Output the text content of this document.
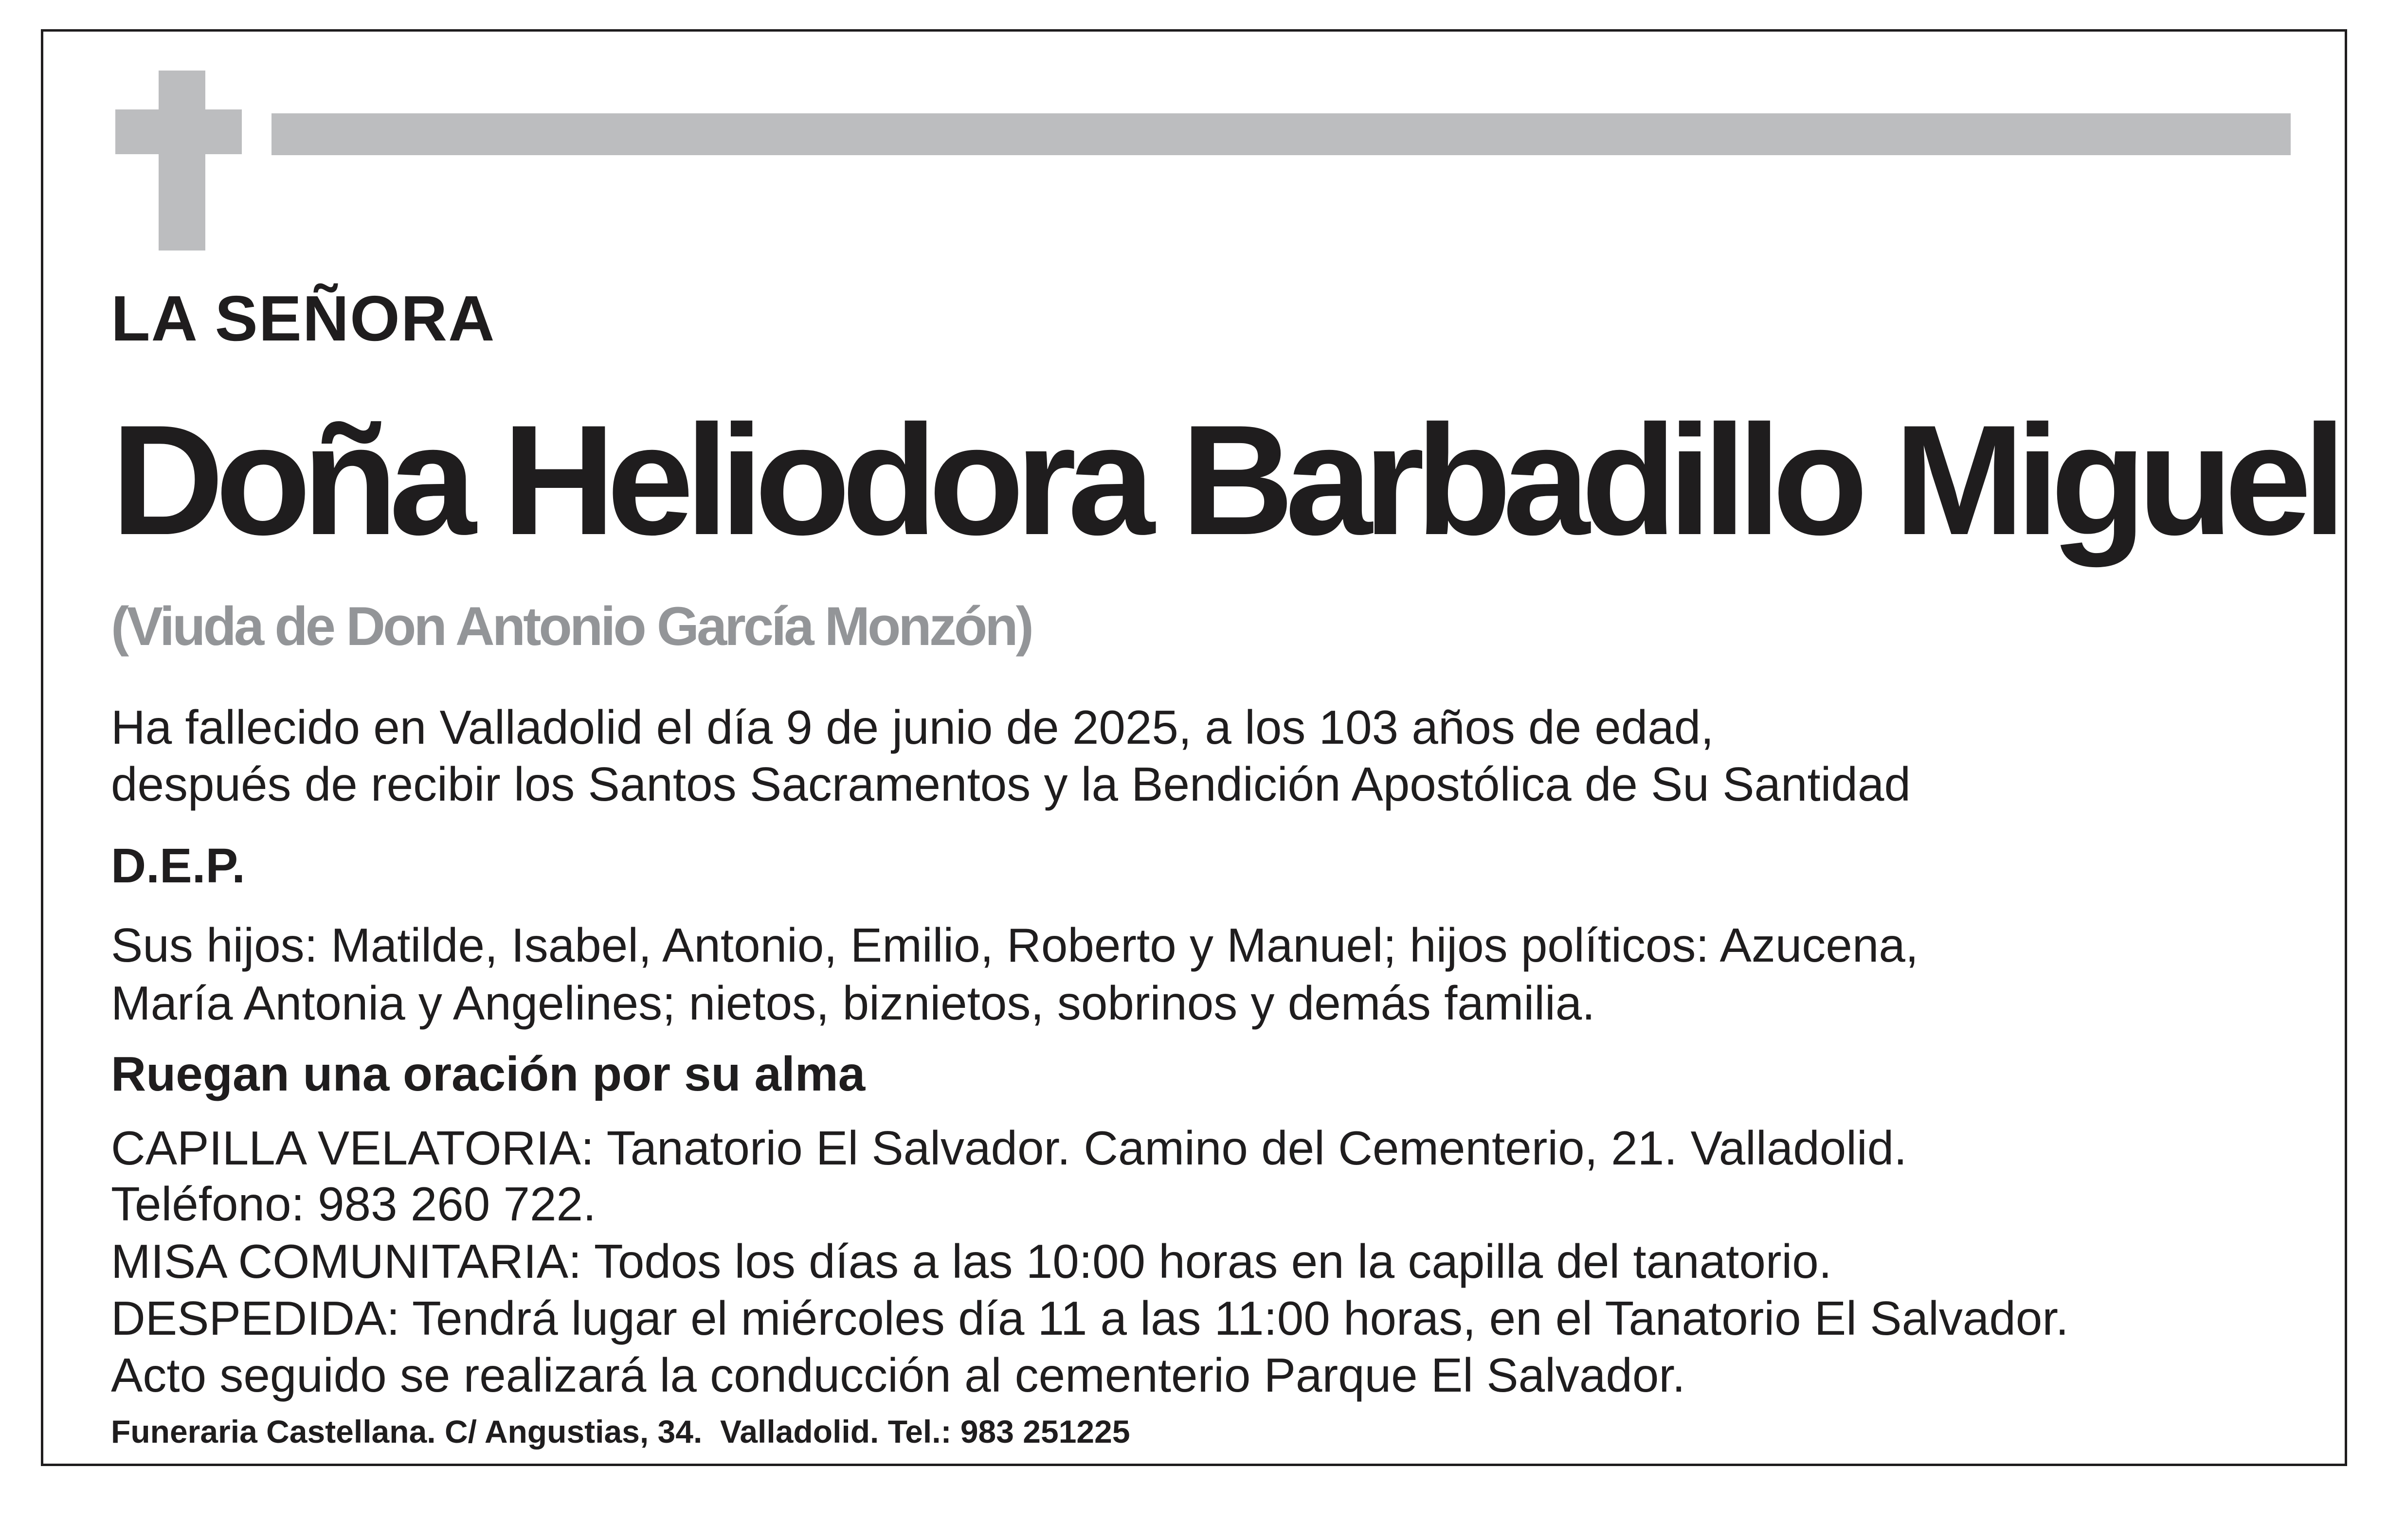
LA SEÑORA

Doña Heliodora Barbadillo Miguel

(Viuda de Don Antonio García Monzón)

Ha fallecido en Valladolid el día 9 de junio de 2025, a los 103 años de edad,

después de recibir los Santos Sacramentos y la Bendición Apostólica de Su Santidad

D.E.P.

Sus hijos: Matilde, Isabel, Antonio, Emilio, Roberto y Manuel; hijos políticos: Azucena,

María Antonia y Angelines; nietos, biznietos, sobrinos y demás familia.

Ruegan una oración por su alma

CAPILLA VELATORIA: Tanatorio El Salvador. Camino del Cementerio, 21. Valladolid.

Teléfono: 983 260 722.

MISA COMUNITARIA: Todos los días a las 10:00 horas en la capilla del tanatorio.

DESPEDIDA: Tendrá lugar el miércoles día 11 a las 11:00 horas, en el Tanatorio El Salvador.

Acto seguido se realizará la conducción al cementerio Parque El Salvador.

Funeraria Castellana. C/ Angustias, 34.  Valladolid. Tel.: 983 251225
